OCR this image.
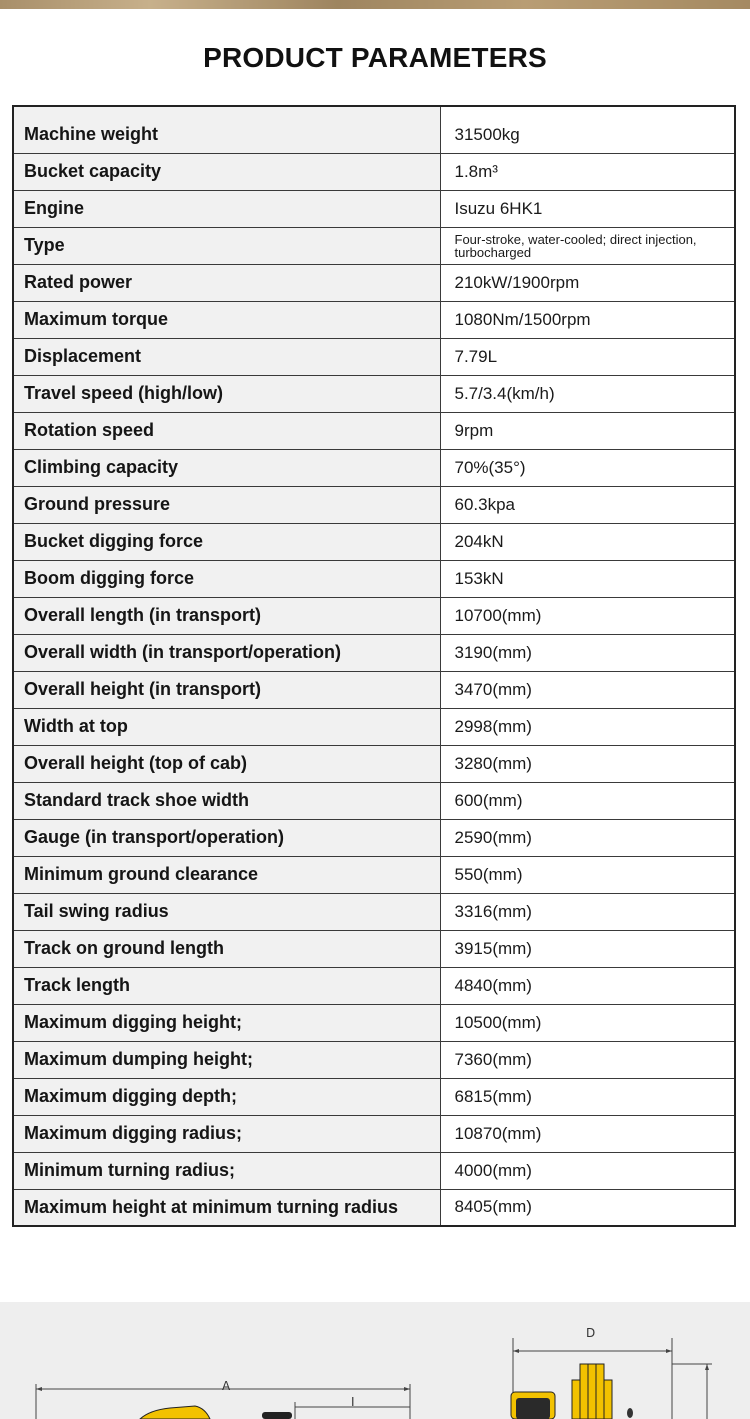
PRODUCT PARAMETERS
Machine weight	31500kg
Bucket capacity	1.8m³
Engine	Isuzu 6HK1
Type	Four-stroke, water-cooled; direct injection, turbocharged
Rated power	210kW/1900rpm
Maximum torque	1080Nm/1500rpm
Displacement	7.79L
Travel speed (high/low)	5.7/3.4(km/h)
Rotation speed	9rpm
Climbing capacity	70%(35°)
Ground pressure	60.3kpa
Bucket digging force	204kN
Boom digging force	153kN
Overall length (in transport)	10700(mm)
Overall width (in transport/operation)	3190(mm)
Overall height (in transport)	3470(mm)
Width at top	2998(mm)
Overall height (top of cab)	3280(mm)
Standard track shoe width	600(mm)
Gauge (in transport/operation)	2590(mm)
Minimum ground clearance	550(mm)
Tail swing radius	3316(mm)
Track on ground length	3915(mm)
Track length	4840(mm)
Maximum digging height;	10500(mm)
Maximum dumping height;	7360(mm)
Maximum digging depth;	6815(mm)
Maximum digging radius;	10870(mm)
Minimum turning radius;	4000(mm)
Maximum height at minimum turning radius	8405(mm)
A
I
D
